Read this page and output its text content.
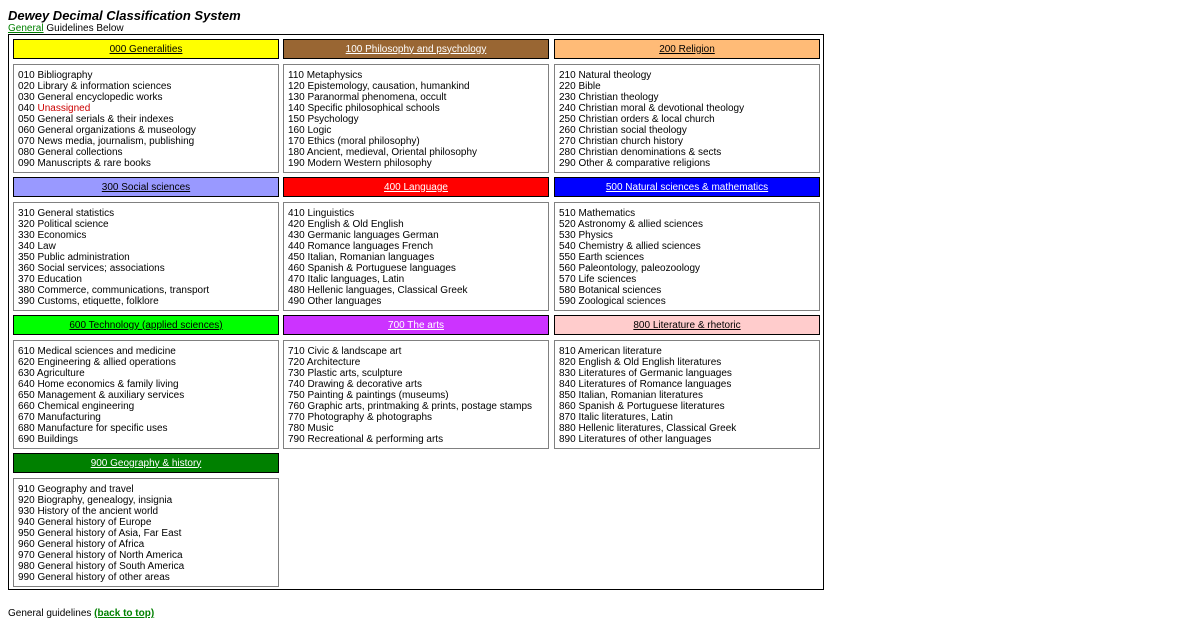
Dewey Decimal Classification System
General Guidelines Below
000 Generalities
010 Bibliography
020 Library & information sciences
030 General encyclopedic works
040 Unassigned
050 General serials & their indexes
060 General organizations & museology
070 News media, journalism, publishing
080 General collections
090 Manuscripts & rare books
100 Philosophy and psychology
110 Metaphysics
120 Epistemology, causation, humankind
130 Paranormal phenomena, occult
140 Specific philosophical schools
150 Psychology
160 Logic
170 Ethics (moral philosophy)
180 Ancient, medieval, Oriental philosophy
190 Modern Western philosophy
200 Religion
210 Natural theology
220 Bible
230 Christian theology
240 Christian moral & devotional theology
250 Christian orders & local church
260 Christian social theology
270 Christian church history
280 Christian denominations & sects
290 Other & comparative religions
300 Social sciences
310 General statistics
320 Political science
330 Economics
340 Law
350 Public administration
360 Social services; associations
370 Education
380 Commerce, communications, transport
390 Customs, etiquette, folklore
400 Language
410 Linguistics
420 English & Old English
430 Germanic languages German
440 Romance languages French
450 Italian, Romanian languages
460 Spanish & Portuguese languages
470 Italic languages, Latin
480 Hellenic languages, Classical Greek
490 Other languages
500 Natural sciences & mathematics
510 Mathematics
520 Astronomy & allied sciences
530 Physics
540 Chemistry & allied sciences
550 Earth sciences
560 Paleontology, paleozoology
570 Life sciences
580 Botanical sciences
590 Zoological sciences
600 Technology (applied sciences)
610 Medical sciences and medicine
620 Engineering & allied operations
630 Agriculture
640 Home economics & family living
650 Management & auxiliary services
660 Chemical engineering
670 Manufacturing
680 Manufacture for specific uses
690 Buildings
700 The arts
710 Civic & landscape art
720 Architecture
730 Plastic arts, sculpture
740 Drawing & decorative arts
750 Painting & paintings (museums)
760 Graphic arts, printmaking & prints, postage stamps
770 Photography & photographs
780 Music
790 Recreational & performing arts
800 Literature & rhetoric
810 American literature
820 English & Old English literatures
830 Literatures of Germanic languages
840 Literatures of Romance languages
850 Italian, Romanian literatures
860 Spanish & Portuguese literatures
870 Italic literatures, Latin
880 Hellenic literatures, Classical Greek
890 Literatures of other languages
900 Geography & history
910 Geography and travel
920 Biography, genealogy, insignia
930 History of the ancient world
940 General history of Europe
950 General history of Asia, Far East
960 General history of Africa
970 General history of North America
980 General history of South America
990 General history of other areas
General guidelines (back to top)
